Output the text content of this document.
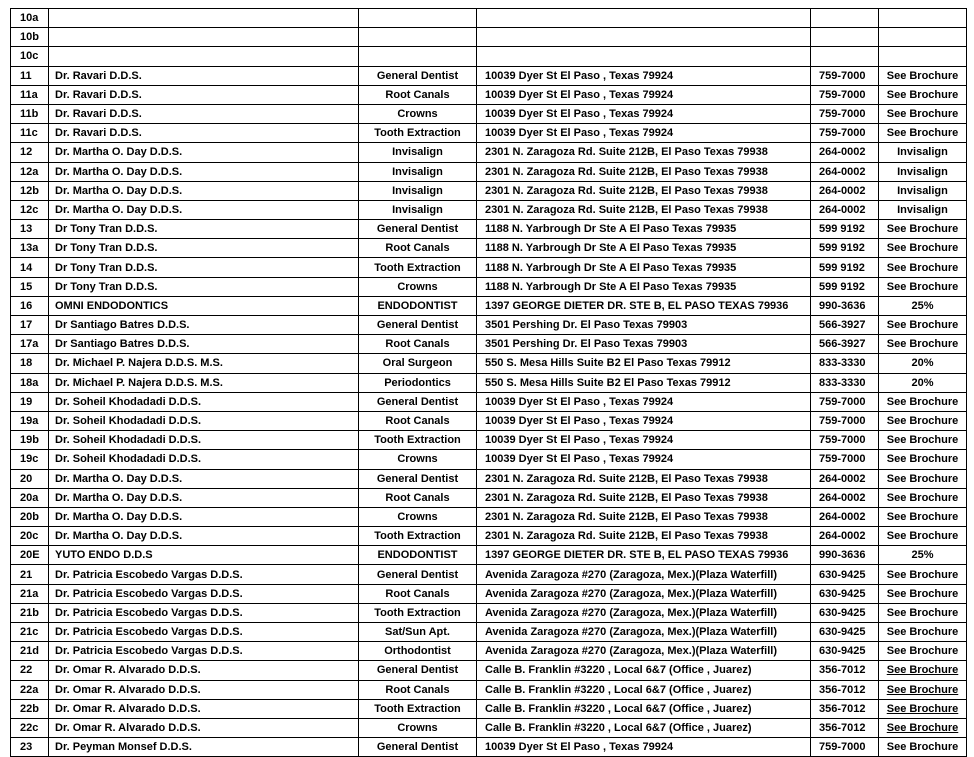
10a					
10b					
10c					
11	Dr. Ravari D.D.S.	General Dentist	10039 Dyer St El Paso , Texas 79924	759-7000	See Brochure
11a	Dr. Ravari D.D.S.	Root Canals	10039 Dyer St El Paso , Texas 79924	759-7000	See Brochure
11b	Dr. Ravari D.D.S.	Crowns	10039 Dyer St El Paso , Texas 79924	759-7000	See Brochure
11c	Dr. Ravari D.D.S.	Tooth Extraction	10039 Dyer St El Paso , Texas 79924	759-7000	See Brochure
12	Dr. Martha O. Day D.D.S.	Invisalign	2301 N. Zaragoza Rd. Suite 212B, El Paso Texas 79938	264-0002	Invisalign
12a	Dr. Martha O. Day D.D.S.	Invisalign	2301 N. Zaragoza Rd. Suite 212B, El Paso Texas 79938	264-0002	Invisalign
12b	Dr. Martha O. Day D.D.S.	Invisalign	2301 N. Zaragoza Rd. Suite 212B, El Paso Texas 79938	264-0002	Invisalign
12c	Dr. Martha O. Day D.D.S.	Invisalign	2301 N. Zaragoza Rd. Suite 212B, El Paso Texas 79938	264-0002	Invisalign
13	Dr Tony Tran D.D.S.	General Dentist	1188 N. Yarbrough Dr Ste A El Paso Texas 79935	599 9192	See Brochure
13a	Dr Tony Tran D.D.S.	Root Canals	1188 N. Yarbrough Dr Ste A El Paso Texas 79935	599 9192	See Brochure
14	Dr Tony Tran D.D.S.	Tooth Extraction	1188 N. Yarbrough Dr Ste A El Paso Texas 79935	599 9192	See Brochure
15	Dr Tony Tran D.D.S.	Crowns	1188 N. Yarbrough Dr Ste A El Paso Texas 79935	599 9192	See Brochure
16	OMNI ENDODONTICS	ENDODONTIST	1397 GEORGE DIETER DR. STE B, EL PASO TEXAS 79936	990-3636	25%
17	Dr Santiago Batres D.D.S.	General Dentist	3501 Pershing Dr. El Paso Texas 79903	566-3927	See Brochure
17a	Dr Santiago Batres D.D.S.	Root Canals	3501 Pershing Dr. El Paso Texas 79903	566-3927	See Brochure
18	Dr. Michael P. Najera D.D.S. M.S.	Oral Surgeon	550 S. Mesa Hills Suite B2 El Paso Texas 79912	833-3330	20%
18a	Dr. Michael P. Najera D.D.S. M.S.	Periodontics	550 S. Mesa Hills Suite B2 El Paso Texas 79912	833-3330	20%
19	Dr. Soheil Khodadadi D.D.S.	General Dentist	10039 Dyer St El Paso , Texas 79924	759-7000	See Brochure
19a	Dr. Soheil Khodadadi D.D.S.	Root Canals	10039 Dyer St El Paso , Texas 79924	759-7000	See Brochure
19b	Dr. Soheil Khodadadi D.D.S.	Tooth Extraction	10039 Dyer St El Paso , Texas 79924	759-7000	See Brochure
19c	Dr. Soheil Khodadadi D.D.S.	Crowns	10039 Dyer St El Paso , Texas 79924	759-7000	See Brochure
20	Dr. Martha O. Day D.D.S.	General Dentist	2301 N. Zaragoza Rd. Suite 212B, El Paso Texas 79938	264-0002	See Brochure
20a	Dr. Martha O. Day D.D.S.	Root Canals	2301 N. Zaragoza Rd. Suite 212B, El Paso Texas 79938	264-0002	See Brochure
20b	Dr. Martha O. Day D.D.S.	Crowns	2301 N. Zaragoza Rd. Suite 212B, El Paso Texas 79938	264-0002	See Brochure
20c	Dr. Martha O. Day D.D.S.	Tooth Extraction	2301 N. Zaragoza Rd. Suite 212B, El Paso Texas 79938	264-0002	See Brochure
20E	YUTO ENDO D.D.S	ENDODONTIST	1397 GEORGE DIETER DR. STE B, EL PASO TEXAS 79936	990-3636	25%
21	Dr. Patricia Escobedo Vargas D.D.S.	General Dentist	Avenida Zaragoza #270 (Zaragoza, Mex.)(Plaza Waterfill)	630-9425	See Brochure
21a	Dr. Patricia Escobedo Vargas D.D.S.	Root Canals	Avenida Zaragoza #270 (Zaragoza, Mex.)(Plaza Waterfill)	630-9425	See Brochure
21b	Dr. Patricia Escobedo Vargas D.D.S.	Tooth Extraction	Avenida Zaragoza #270 (Zaragoza, Mex.)(Plaza Waterfill)	630-9425	See Brochure
21c	Dr. Patricia Escobedo Vargas D.D.S.	Sat/Sun Apt.	Avenida Zaragoza #270 (Zaragoza, Mex.)(Plaza Waterfill)	630-9425	See Brochure
21d	Dr. Patricia Escobedo Vargas D.D.S.	Orthodontist	Avenida Zaragoza #270 (Zaragoza, Mex.)(Plaza Waterfill)	630-9425	See Brochure
22	Dr. Omar R. Alvarado D.D.S.	General Dentist	Calle B. Franklin #3220 , Local 6&7 (Office , Juarez)	356-7012	See Brochure
22a	Dr. Omar R. Alvarado D.D.S.	Root Canals	Calle B. Franklin #3220 , Local 6&7 (Office , Juarez)	356-7012	See Brochure
22b	Dr. Omar R. Alvarado D.D.S.	Tooth Extraction	Calle B. Franklin #3220 , Local 6&7 (Office , Juarez)	356-7012	See Brochure
22c	Dr. Omar R. Alvarado D.D.S.	Crowns	Calle B. Franklin #3220 , Local 6&7 (Office , Juarez)	356-7012	See Brochure
23	Dr. Peyman Monsef D.D.S.	General Dentist	10039 Dyer St El Paso , Texas 79924	759-7000	See Brochure
